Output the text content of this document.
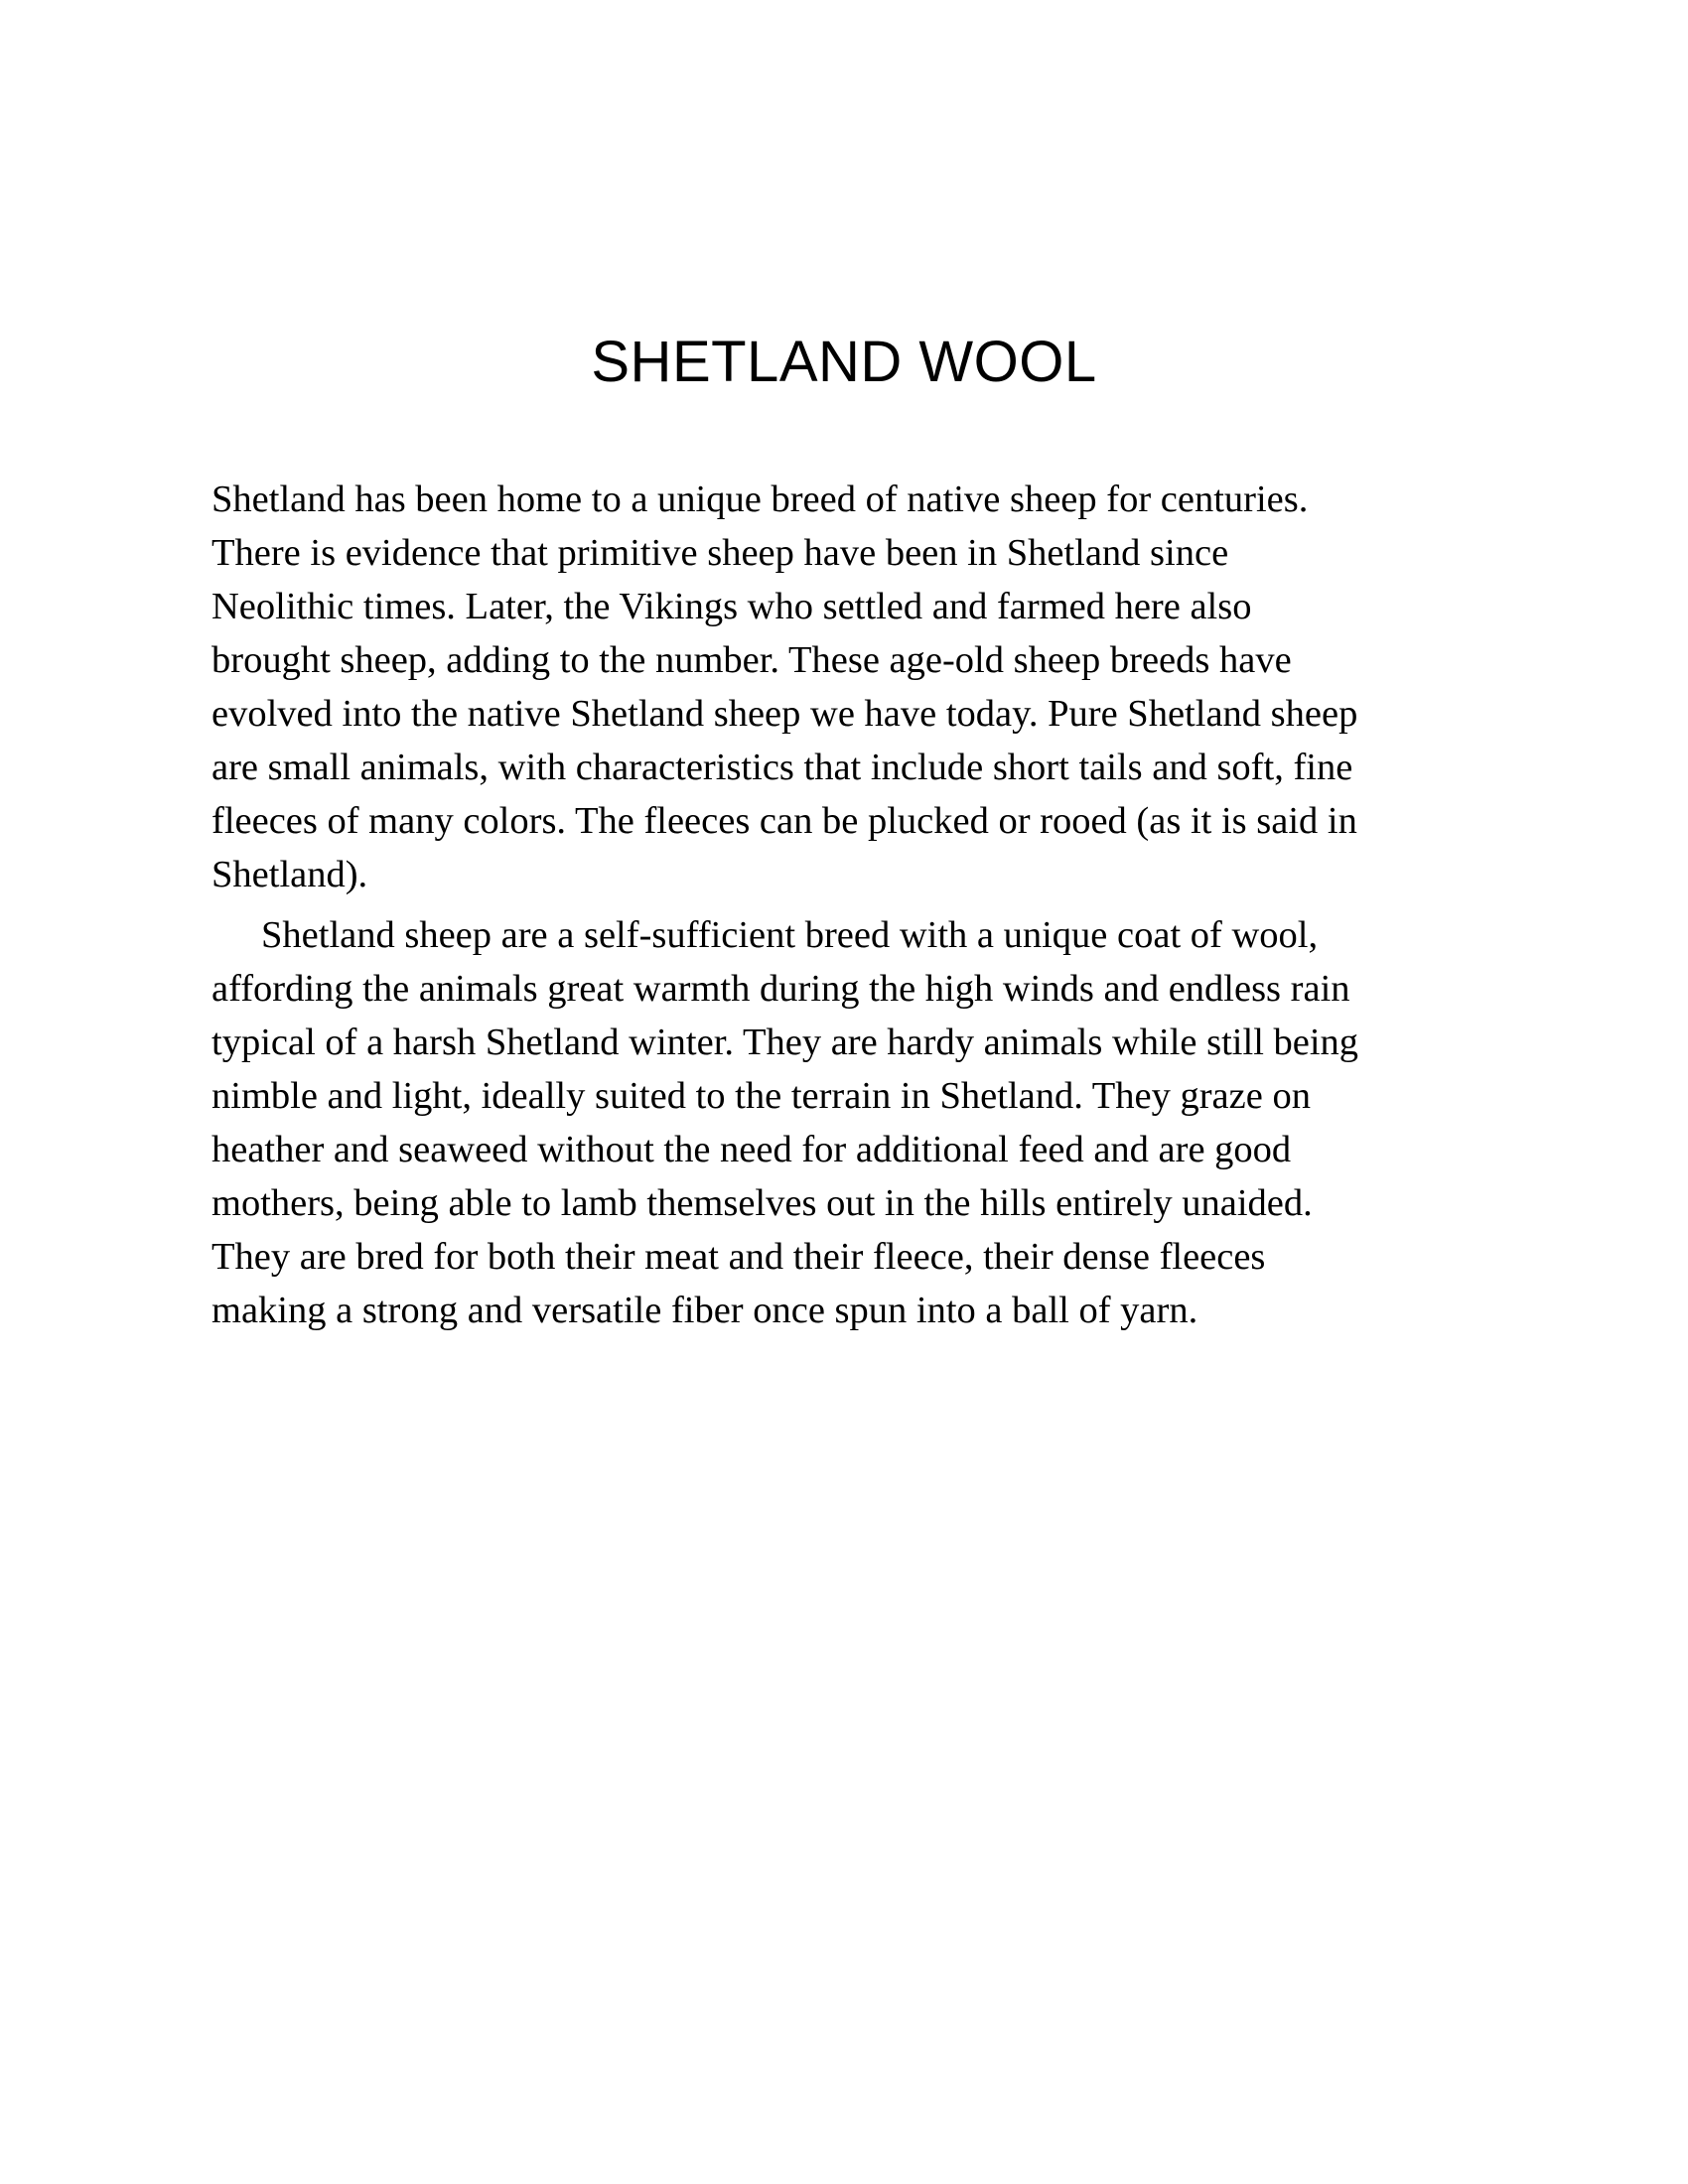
SHETLAND WOOL

Shetland has been home to a unique breed of native sheep for centuries.
There is evidence that primitive sheep have been in Shetland since
Neolithic times. Later, the Vikings who settled and farmed here also
brought sheep, adding to the number. These age-old sheep breeds have
evolved into the native Shetland sheep we have today. Pure Shetland sheep
are small animals, with characteristics that include short tails and soft, fine
fleeces of many colors. The fleeces can be plucked or rooed (as it is said in
Shetland).

Shetland sheep are a self-sufficient breed with a unique coat of wool,
affording the animals great warmth during the high winds and endless rain
typical of a harsh Shetland winter. They are hardy animals while still being
nimble and light, ideally suited to the terrain in Shetland. They graze on
heather and seaweed without the need for additional feed and are good
mothers, being able to lamb themselves out in the hills entirely unaided.
They are bred for both their meat and their fleece, their dense fleeces
making a strong and versatile fiber once spun into a ball of yarn.
